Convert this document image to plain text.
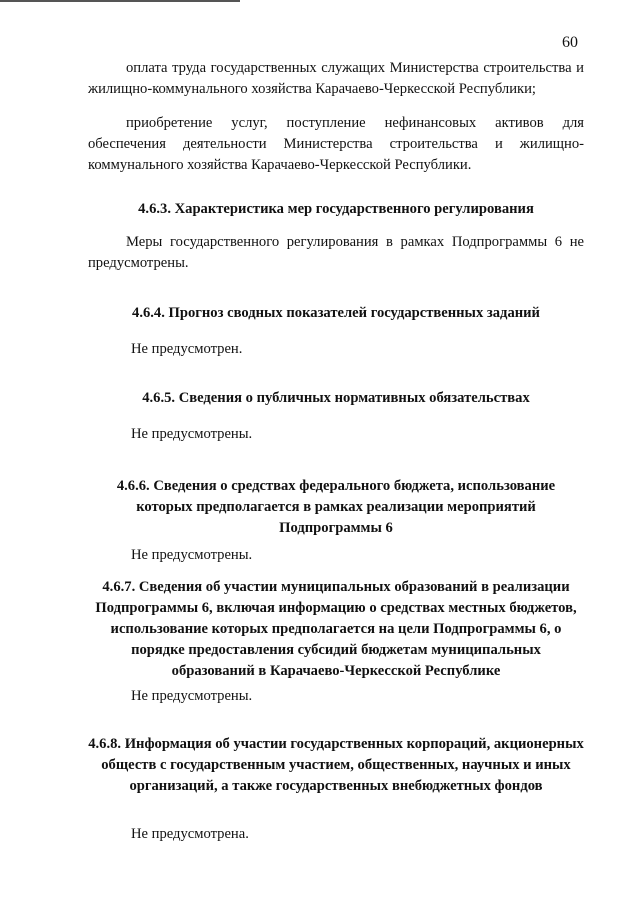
60

оплата труда государственных служащих Министерства строительства и жилищно-коммунального хозяйства Карачаево-Черкесской Республики;

приобретение услуг, поступление нефинансовых активов для обеспечения деятельности Министерства строительства и жилищно-коммунального хозяйства Карачаево-Черкесской Республики.

4.6.3. Характеристика мер государственного регулирования

Меры государственного регулирования в рамках Подпрограммы 6 не предусмотрены.

4.6.4. Прогноз сводных показателей государственных заданий

Не предусмотрен.

4.6.5. Сведения о публичных нормативных обязательствах

Не предусмотрены.

4.6.6. Сведения о средствах федерального бюджета, использование которых предполагается в рамках реализации мероприятий Подпрограммы 6

Не предусмотрены.

4.6.7. Сведения об участии муниципальных образований в реализации Подпрограммы 6, включая информацию о средствах местных бюджетов, использование которых предполагается на цели Подпрограммы 6, о порядке предоставления субсидий бюджетам муниципальных образований в Карачаево-Черкесской Республике

Не предусмотрены.

4.6.8. Информация об участии государственных корпораций, акционерных обществ с государственным участием, общественных, научных и иных организаций, а также государственных внебюджетных фондов

Не предусмотрена.
